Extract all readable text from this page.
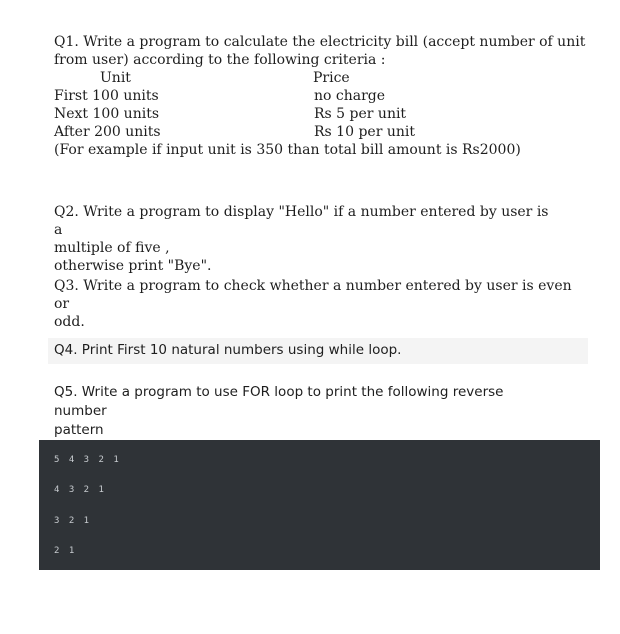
Q1. Write a program to calculate the electricity bill (accept number of unit
from user) according to the following criteria :
Unit	Price
First 100 units	no charge
Next 100 units	Rs 5 per unit
After 200 units	Rs 10 per unit
(For example if input unit is 350 than total bill amount is Rs2000)
Q2. Write a program to display "Hello" if a number entered by user is a
multiple of five ,
otherwise print "Bye".
Q3. Write a program to check whether a number entered by user is even or
odd.
Q4. Print First 10 natural numbers using while loop.
Q5. Write a program to use FOR loop to print the following reverse number
pattern
5 4 3 2 1
4 3 2 1
3 2 1
2 1
